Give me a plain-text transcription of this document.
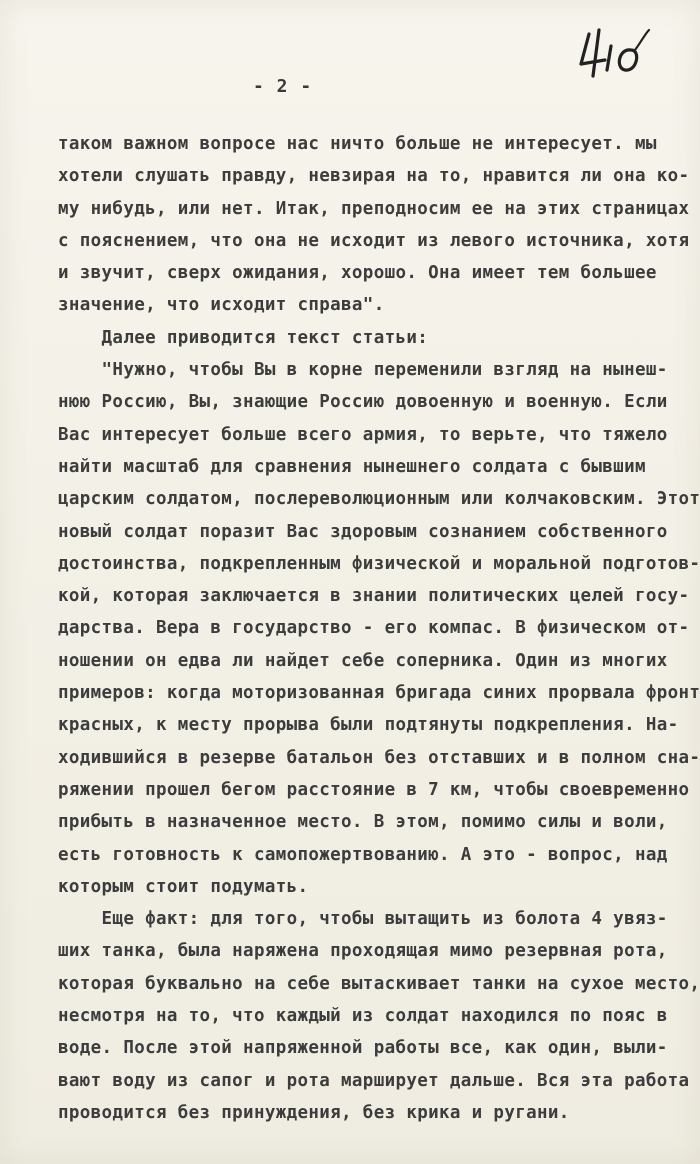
- 2 -
таком важном вопросе нас ничто больше не интересует. мы
хотели слушать правду, невзирая на то, нравится ли она ко-
му нибудь, или нет. Итак, преподносим ее на этих страницах
с пояснением, что она не исходит из левого источника, хотя
и звучит, сверх ожидания, хорошо. Она имеет тем большее
значение, что исходит справа".
Далее приводится текст статьи:
"Нужно, чтобы Вы в корне переменили взгляд на нынеш-
нюю Россию, Вы, знающие Россию довоенную и военную. Если
Вас интересует больше всего армия, то верьте, что тяжело
найти масштаб для сравнения нынешнего солдата с бывшим
царским солдатом, послереволюционным или колчаковским. Этот
новый солдат поразит Вас здоровым сознанием собственного
достоинства, подкрепленным физической и моральной подготов-
кой, которая заключается в знании политических целей госу-
дарства. Вера в государство - его компас. В физическом от-
ношении он едва ли найдет себе соперника. Один из многих
примеров: когда моторизованная бригада синих прорвала фронт
красных, к месту прорыва были подтянуты подкрепления. На-
ходившийся в резерве батальон без отставших и в полном сна-
ряжении прошел бегом расстояние в 7 км, чтобы своевременно
прибыть в назначенное место. В этом, помимо силы и воли,
есть готовность к самопожертвованию. А это - вопрос, над
которым стоит подумать.
Еще факт: для того, чтобы вытащить из болота 4 увяз-
ших танка, была наряжена проходящая мимо резервная рота,
которая буквально на себе вытаскивает танки на сухое место,
несмотря на то, что каждый из солдат находился по пояс в
воде. После этой напряженной работы все, как один, выли-
вают воду из сапог и рота марширует дальше. Вся эта работа
проводится без принуждения, без крика и ругани.
